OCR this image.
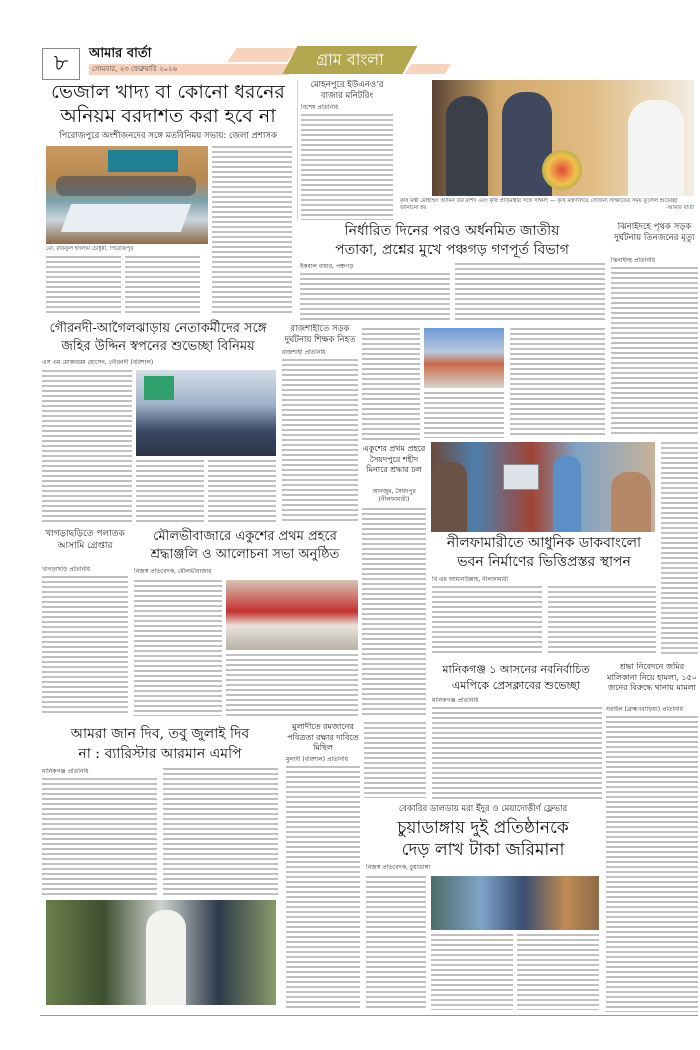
৮	আমার বার্তা
সোমবার, ২৩ ফেব্রুয়ারি ২০২৬	গ্রাম বাংলা
ভেজাল খাদ্য বা কোনো ধরনের
অনিয়ম বরদাশত করা হবে না
পিরোজপুরে অংশীজনদের সঙ্গে মতবিনিময় সভায়: জেলা প্রশাসক
মো. রফিকুল ইসলাম চৌধুরী, পিরোজপুর
মোহনপুরে ইউএনও’র বাজার মনিটরিং
বিশেষ প্রতিনিধি
কৃষি মন্ত্রী মোহাম্মদ আমিন উর রশিদ এবং কৃষি প্রতিমন্ত্রীর সঙ্গে সাক্ষাৎ — কৃষি মন্ত্রণালয়ে সৌজন্য সাক্ষাতের সময় ফুলেল শুভেচ্ছা জানানো হয়	-আমার বার্তা
নির্ধারিত দিনের পরও অর্ধনমিত জাতীয়
পতাকা, প্রশ্নের মুখে পঞ্চগড় গণপূর্ত বিভাগ
ইকবাল বাহার, পঞ্চগড়
ঝিনাইদহে পৃথক সড়ক দুর্ঘটনায় তিনজনের মৃত্যু
ঝিনাইদহ প্রতিনিধি
গৌরনদী-আগৈলঝাড়ায় নেতাকর্মীদের সঙ্গে
জহির উদ্দিন স্বপনের শুভেচ্ছা বিনিময়
এস এম মোকাররম হোসেন, গৌরনদী (বরিশাল)
রাজশাহীতে সড়ক দুর্ঘটনায় শিক্ষক নিহত
রাজশাহী প্রতিনিধি
একুশের প্রথম প্রহরে সৈয়দপুরে শহীদ মিনারে শ্রদ্ধার ঢল
আনজুম, সৈয়দপুর (নীলফামারী)
নীলফামারীতে আধুনিক ডাকবাংলো
ভবন নির্মাণের ভিত্তিপ্রস্তর স্থাপন
বি এম আমানউল্লাহ, নীলফামারী
খাগড়াছড়িতে পলাতক আসামি গ্রেপ্তার
খাগড়াছড়ি প্রতিনিধি
মৌলভীবাজারে একুশের প্রথম প্রহরে
শ্রদ্ধাঞ্জলি ও আলোচনা সভা অনুষ্ঠিত
নিজস্ব প্রতিবেদক, মৌলভীবাজার
মানিকগঞ্জ ১ আসনের নবনির্বাচিত
এমপিকে প্রেসক্লাবের শুভেচ্ছা
মানিকগঞ্জ প্রতিনিধি
শ্রদ্ধা নিবেদনে জমির মালিকানা নিয়ে হামলা, ১৫০ জনের বিরুদ্ধে থানায় মামলা
সরাইল (ব্রাহ্মণবাড়িয়া) প্রতিনিধি
আমরা জান দিব, তবু জুলাই দিব
না : ব্যারিস্টার আরমান এমপি
মানিকগঞ্জ প্রতিনিধি
মুলাদীতে রমজানের পবিত্রতা রক্ষার দাবিতে মিছিল
মুলাদী (বরিশাল) প্রতিনিধি
বেকারির ডালডায় মরা ইঁদুর ও মেয়াদোত্তীর্ণ ফ্লেভার
চুয়াডাঙ্গায় দুই প্রতিষ্ঠানকে
দেড় লাখ টাকা জরিমানা
নিজস্ব প্রতিবেদক, চুয়াডাঙ্গা
